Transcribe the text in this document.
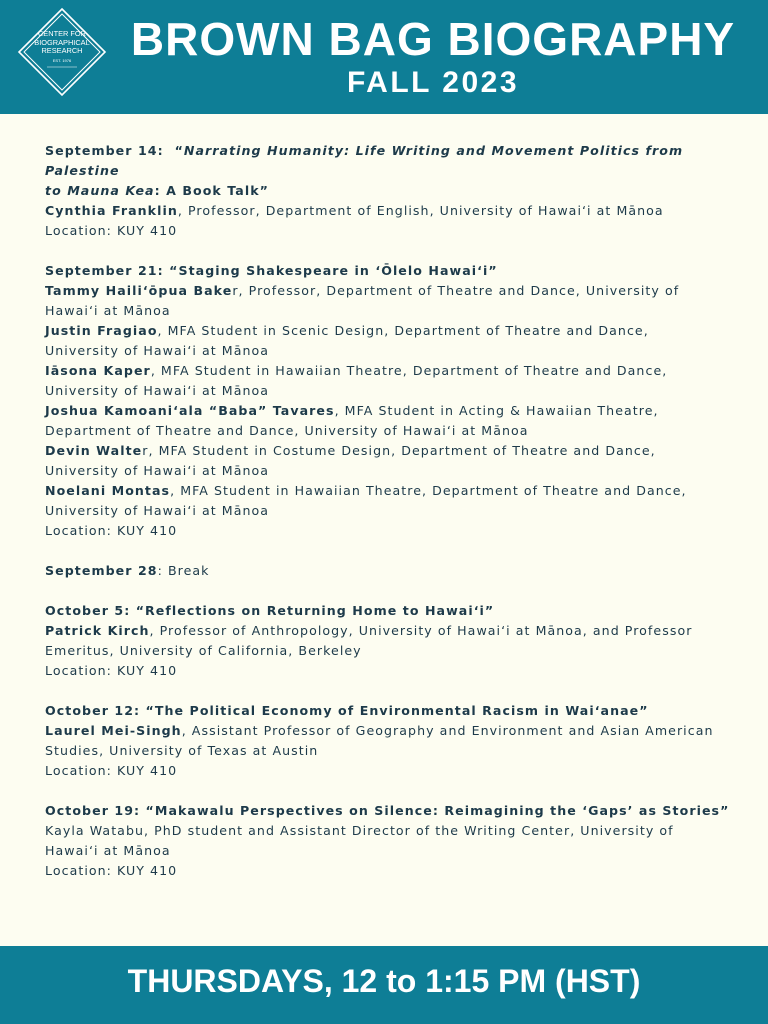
CENTER FOR
BIOGRAPHICAL
RESEARCH
EST. 1976	BROWN BAG BIOGRAPHY
FALL 2023
September 14: “Narrating Humanity: Life Writing and Movement Politics from Palestine
to Mauna Kea: A Book Talk”
Cynthia Franklin, Professor, Department of English, University of Hawaiʻi at Mānoa
Location: KUY 410
September 21: “Staging Shakespeare in ʻŌlelo Hawaiʻi”
Tammy Haili‘ōpua Baker, Professor, Department of Theatre and Dance, University of
Hawaiʻi at Mānoa
Justin Fragiao, MFA Student in Scenic Design, Department of Theatre and Dance,
University of Hawaiʻi at Mānoa
Iāsona Kaper, MFA Student in Hawaiian Theatre, Department of Theatre and Dance,
University of Hawaiʻi at Mānoa
Joshua Kamoani‘ala “Baba” Tavares, MFA Student in Acting & Hawaiian Theatre,
Department of Theatre and Dance, University of Hawaiʻi at Mānoa
Devin Walter, MFA Student in Costume Design, Department of Theatre and Dance,
University of Hawaiʻi at Mānoa
Noelani Montas, MFA Student in Hawaiian Theatre, Department of Theatre and Dance,
University of Hawaiʻi at Mānoa
Location: KUY 410
September 28: Break
October 5: “Reflections on Returning Home to Hawaiʻi”
Patrick Kirch, Professor of Anthropology, University of Hawaiʻi at Mānoa, and Professor
Emeritus, University of California, Berkeley
Location: KUY 410
October 12: “The Political Economy of Environmental Racism in Waiʻanae”
Laurel Mei-Singh, Assistant Professor of Geography and Environment and Asian American
Studies, University of Texas at Austin
Location: KUY 410
October 19: “Makawalu Perspectives on Silence: Reimagining the ‘Gaps’ as Stories”
Kayla Watabu, PhD student and Assistant Director of the Writing Center, University of
Hawaiʻi at Mānoa
Location: KUY 410
THURSDAYS, 12 to 1:15 PM (HST)
